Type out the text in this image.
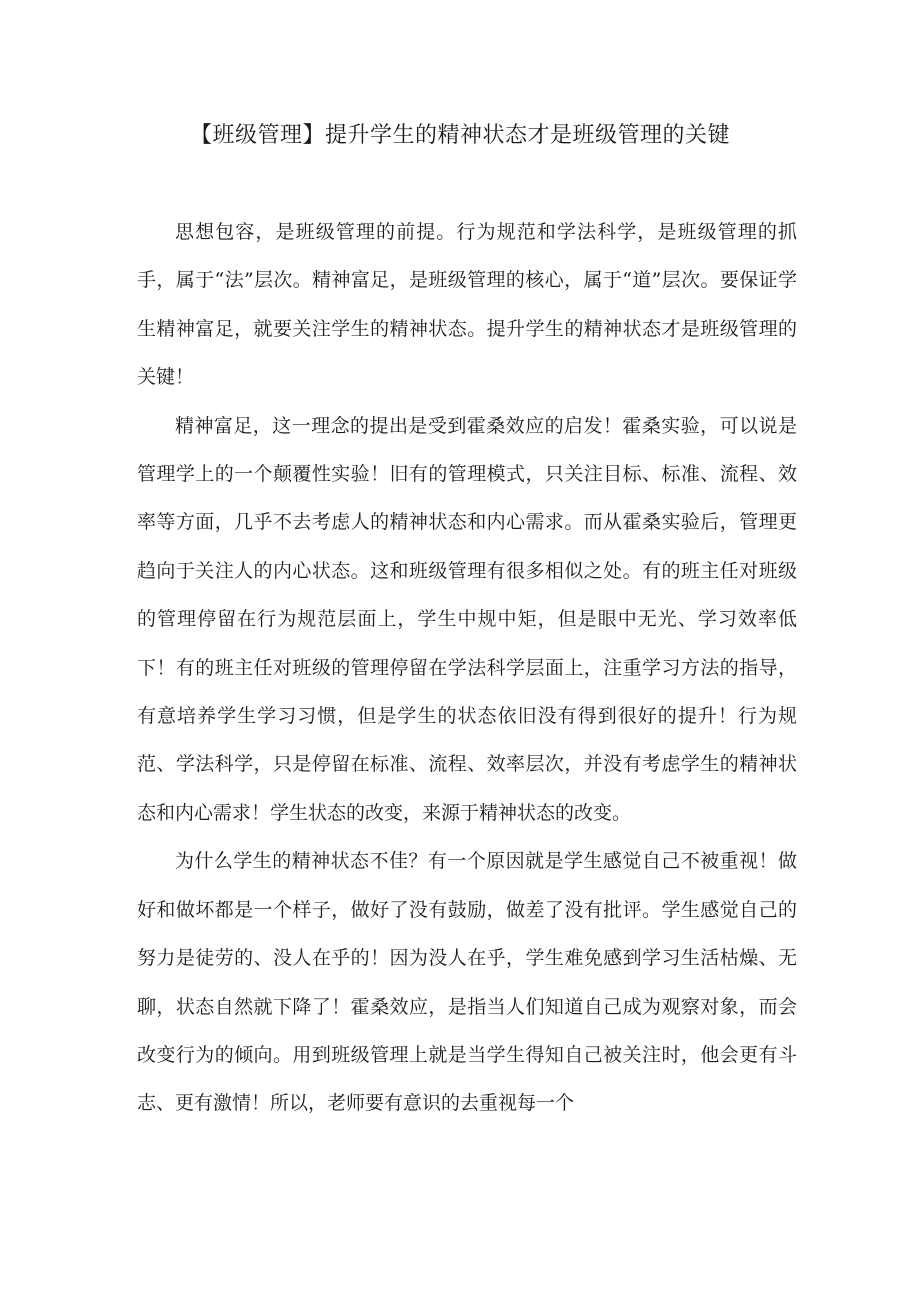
【班级管理】提升学生的精神状态才是班级管理的关键

思想包容，是班级管理的前提。行为规范和学法科学，是班级管理的抓手，属于“法”层次。精神富足，是班级管理的核心，属于“道”层次。要保证学生精神富足，就要关注学生的精神状态。提升学生的精神状态才是班级管理的关键！

精神富足，这一理念的提出是受到霍桑效应的启发！霍桑实验，可以说是管理学上的一个颠覆性实验！旧有的管理模式，只关注目标、标准、流程、效率等方面，几乎不去考虑人的精神状态和内心需求。而从霍桑实验后，管理更趋向于关注人的内心状态。这和班级管理有很多相似之处。有的班主任对班级的管理停留在行为规范层面上，学生中规中矩，但是眼中无光、学习效率低下！有的班主任对班级的管理停留在学法科学层面上，注重学习方法的指导，有意培养学生学习习惯，但是学生的状态依旧没有得到很好的提升！行为规范、学法科学，只是停留在标准、流程、效率层次，并没有考虑学生的精神状态和内心需求！学生状态的改变，来源于精神状态的改变。

为什么学生的精神状态不佳？有一个原因就是学生感觉自己不被重视！做好和做坏都是一个样子，做好了没有鼓励，做差了没有批评。学生感觉自己的努力是徒劳的、没人在乎的！因为没人在乎，学生难免感到学习生活枯燥、无聊，状态自然就下降了！霍桑效应，是指当人们知道自己成为观察对象，而会改变行为的倾向。用到班级管理上就是当学生得知自己被关注时，他会更有斗志、更有激情！所以，老师要有意识的去重视每一个
